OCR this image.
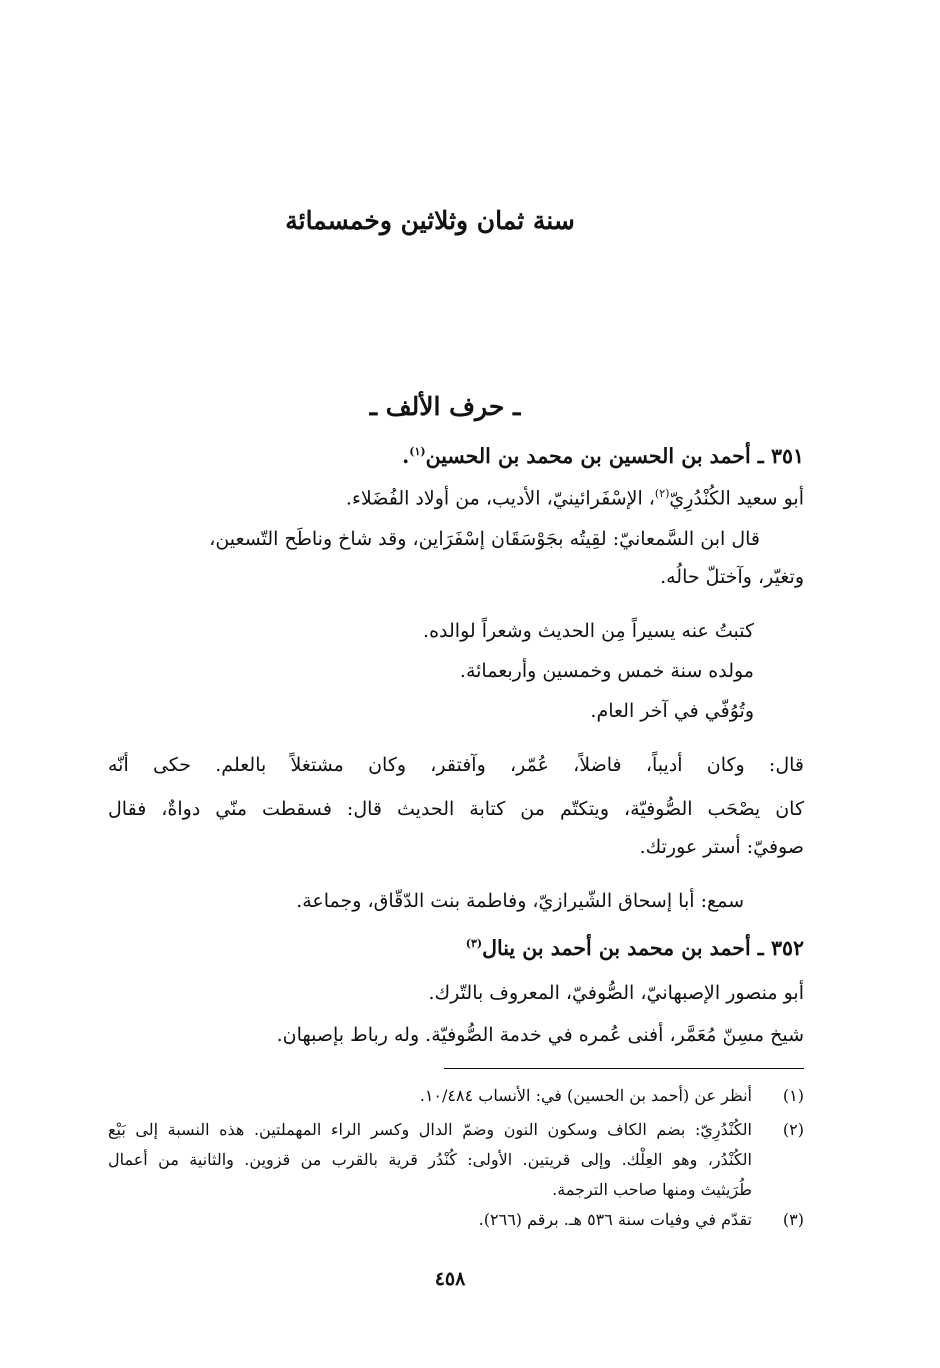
سنة ثمان وثلاثين وخمسمائة
ـ حرف الألف ـ
٣٥١ ـ أحمد بن الحسين بن محمد بن الحسين$^{(١)}$.
أبو سعيد الكُنْدُرِيّ$^{(٢)}$، الإسْفَرائينيّ، الأديب، من أولاد الفُضَلاء.
قال ابن السَّمعانيّ: لقِيتُه بجَوْسَقَان إسْفَرَاين، وقد شاخ وناطَح التّسعين،
وتغيّر، وآختلّ حالُه.
كتبتُ عنه يسيراً مِن الحديث وشعراً لوالده.
مولده سنة خمس وخمسين وأربعمائة.
وتُوُفّي في آخر العام.
قال: وكان أديباً، فاضلاً، عُمّر، وآفتقر، وكان مشتغلاً بالعلم. حكى أنّه
كان يصْحَب الصُّوفيّة، ويتكتّم من كتابة الحديث قال: فسقطت منّي دواةٌ، فقال
صوفيّ: أستر عورتك.
سمع: أبا إسحاق الشّيرازيّ، وفاطمة بنت الدّقّاق، وجماعة.
٣٥٢ ـ أحمد بن محمد بن أحمد بن ينال$^{(٣)}$
أبو منصور الإصبهانيّ، الصُّوفيّ، المعروف بالتّرك.
شيخ مسِنّ مُعَمَّر، أفنى عُمره في خدمة الصُّوفيّة. وله رباط بإصبهان.
(١)
أنظر عن (أحمد بن الحسين) في: الأنساب ١٠/٤٨٤.
(٢)
الكُنْدُرِيّ: بضم الكاف وسكون النون وضمّ الدال وكسر الراء المهملتين. هذه النسبة إلى بَيْع
الكُنْدُر، وهو العِلْك. وإلى قريتين. الأولى: كُنْدُر قرية بالقرب من قزوين. والثانية من أعمال
طُرَيثيث ومنها صاحب الترجمة.
(٣)
تقدّم في وفيات سنة ٥٣٦ هـ. برقم (٢٦٦).
٤٥٨
